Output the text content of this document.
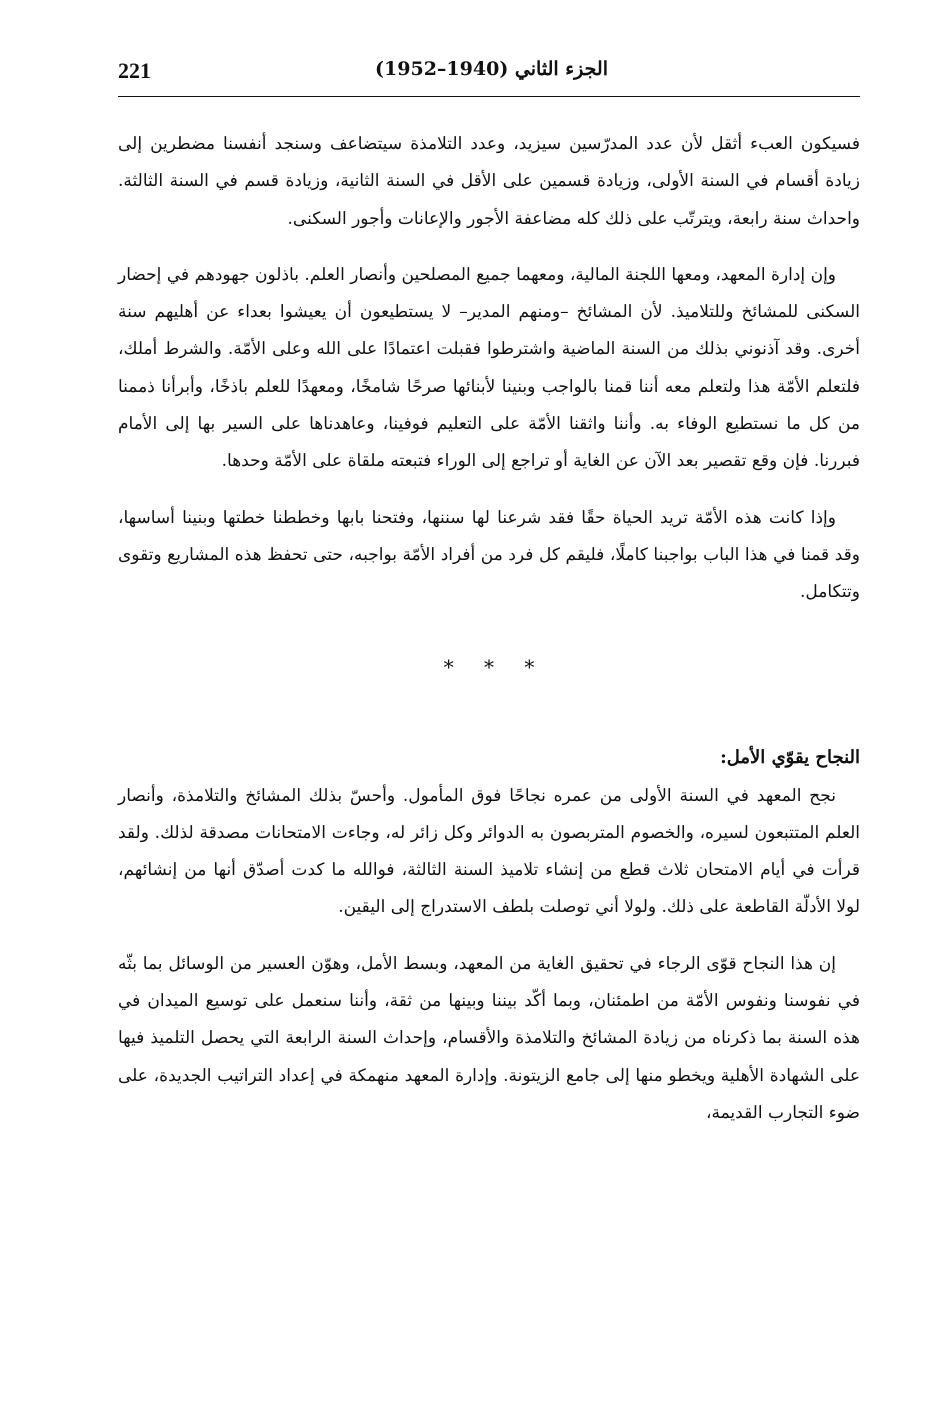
221	الجزء الثاني (1940–1952)

فسيكون العبء أثقل لأن عدد المدرّسين سيزيد، وعدد التلامذة سيتضاعف وسنجد أنفسنا مضطرين إلى زيادة أقسام في السنة الأولى، وزيادة قسمين على الأقل في السنة الثانية، وزيادة قسم في السنة الثالثة. واحداث سنة رابعة، ويترتّب على ذلك كله مضاعفة الأجور والإعانات وأجور السكنى.

وإن إدارة المعهد، ومعها اللجنة المالية، ومعهما جميع المصلحين وأنصار العلم. باذلون جهودهم في إحضار السكنى للمشائخ وللتلاميذ. لأن المشائخ –ومنهم المدير– لا يستطيعون أن يعيشوا بعداء عن أهليهم سنة أخرى. وقد آذنوني بذلك من السنة الماضية واشترطوا فقبلت اعتمادًا على الله وعلى الأمّة. والشرط أملك، فلتعلم الأمّة هذا ولتعلم معه أننا قمنا بالواجب وبنينا لأبنائها صرحًا شامخًا، ومعهدًا للعلم باذخًا، وأبرأنا ذممنا من كل ما نستطيع الوفاء به. وأننا واثقنا الأمّة على التعليم فوفينا، وعاهدناها على السير بها إلى الأمام فبررنا. فإن وقع تقصير بعد الآن عن الغاية أو تراجع إلى الوراء فتبعته ملقاة على الأمّة وحدها.

وإذا كانت هذه الأمّة تريد الحياة حقًا فقد شرعنا لها سننها، وفتحنا بابها وخططنا خطتها وبنينا أساسها، وقد قمنا في هذا الباب بواجبنا كاملًا، فليقم كل فرد من أفراد الأمّة بواجبه، حتى تحفظ هذه المشاريع وتقوى وتتكامل.

* * *
النجاح يقوّي الأمل:

نجح المعهد في السنة الأولى من عمره نجاحًا فوق المأمول. وأحسّ بذلك المشائخ والتلامذة، وأنصار العلم المتتبعون لسيره، والخصوم المتربصون به الدوائر وكل زائر له، وجاءت الامتحانات مصدقة لذلك. ولقد قرأت في أيام الامتحان ثلاث قطع من إنشاء تلاميذ السنة الثالثة، فوالله ما كدت أصدّق أنها من إنشائهم، لولا الأدلّة القاطعة على ذلك. ولولا أني توصلت بلطف الاستدراج إلى اليقين.

إن هذا النجاح قوّى الرجاء في تحقيق الغاية من المعهد، وبسط الأمل، وهوّن العسير من الوسائل بما بثّه في نفوسنا ونفوس الأمّة من اطمئنان، وبما أكّد بيننا وبينها من ثقة، وأننا سنعمل على توسيع الميدان في هذه السنة بما ذكرناه من زيادة المشائخ والتلامذة والأقسام، وإحداث السنة الرابعة التي يحصل التلميذ فيها على الشهادة الأهلية ويخطو منها إلى جامع الزيتونة. وإدارة المعهد منهمكة في إعداد التراتيب الجديدة، على ضوء التجارب القديمة،
